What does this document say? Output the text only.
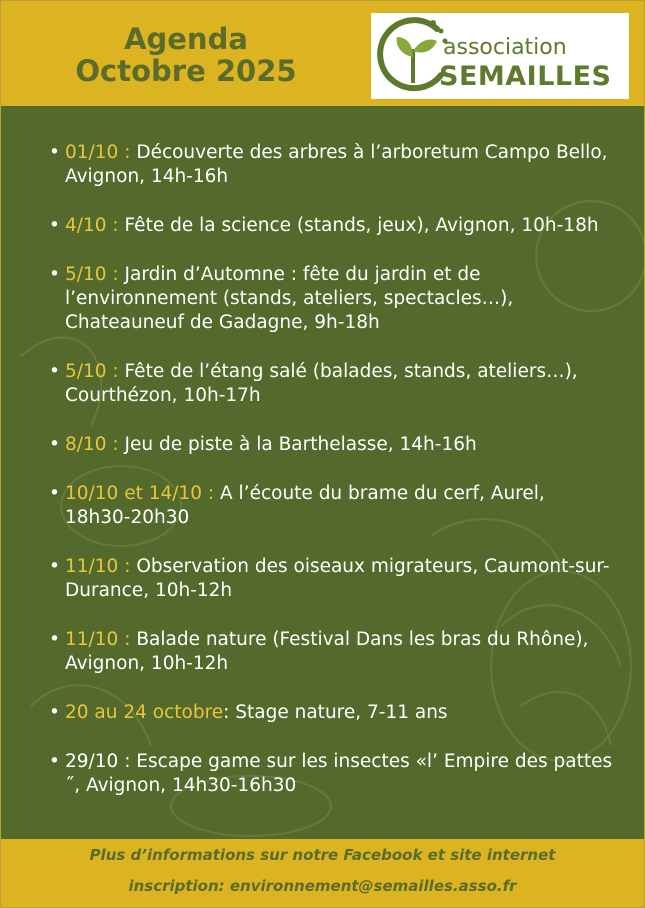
Agenda
Octobre 2025
association
SEMAILLES
• 01/10 : Découverte des arbres à l’arboretum Campo Bello, Avignon, 14h-16h
• 4/10 : Fête de la science (stands, jeux), Avignon, 10h-18h
• 5/10 : Jardin d’Automne : fête du jardin et de l’environnement (stands, ateliers, spectacles…), Chateauneuf de Gadagne, 9h-18h
• 5/10 : Fête de l’étang salé (balades, stands, ateliers…), Courthézon, 10h-17h
• 8/10 : Jeu de piste à la Barthelasse, 14h-16h
• 10/10 et 14/10 : A l’écoute du brame du cerf, Aurel, 18h30-20h30
• 11/10 : Observation des oiseaux migrateurs, Caumont-sur-Durance, 10h-12h
• 11/10 : Balade nature (Festival Dans les bras du Rhône), Avignon, 10h-12h
• 20 au 24 octobre: Stage nature, 7-11 ans
• 29/10 : Escape game sur les insectes «l’ Empire des pattes ˝, Avignon, 14h30-16h30
Plus d’informations sur notre Facebook et site internet
inscription: environnement@semailles.asso.fr
